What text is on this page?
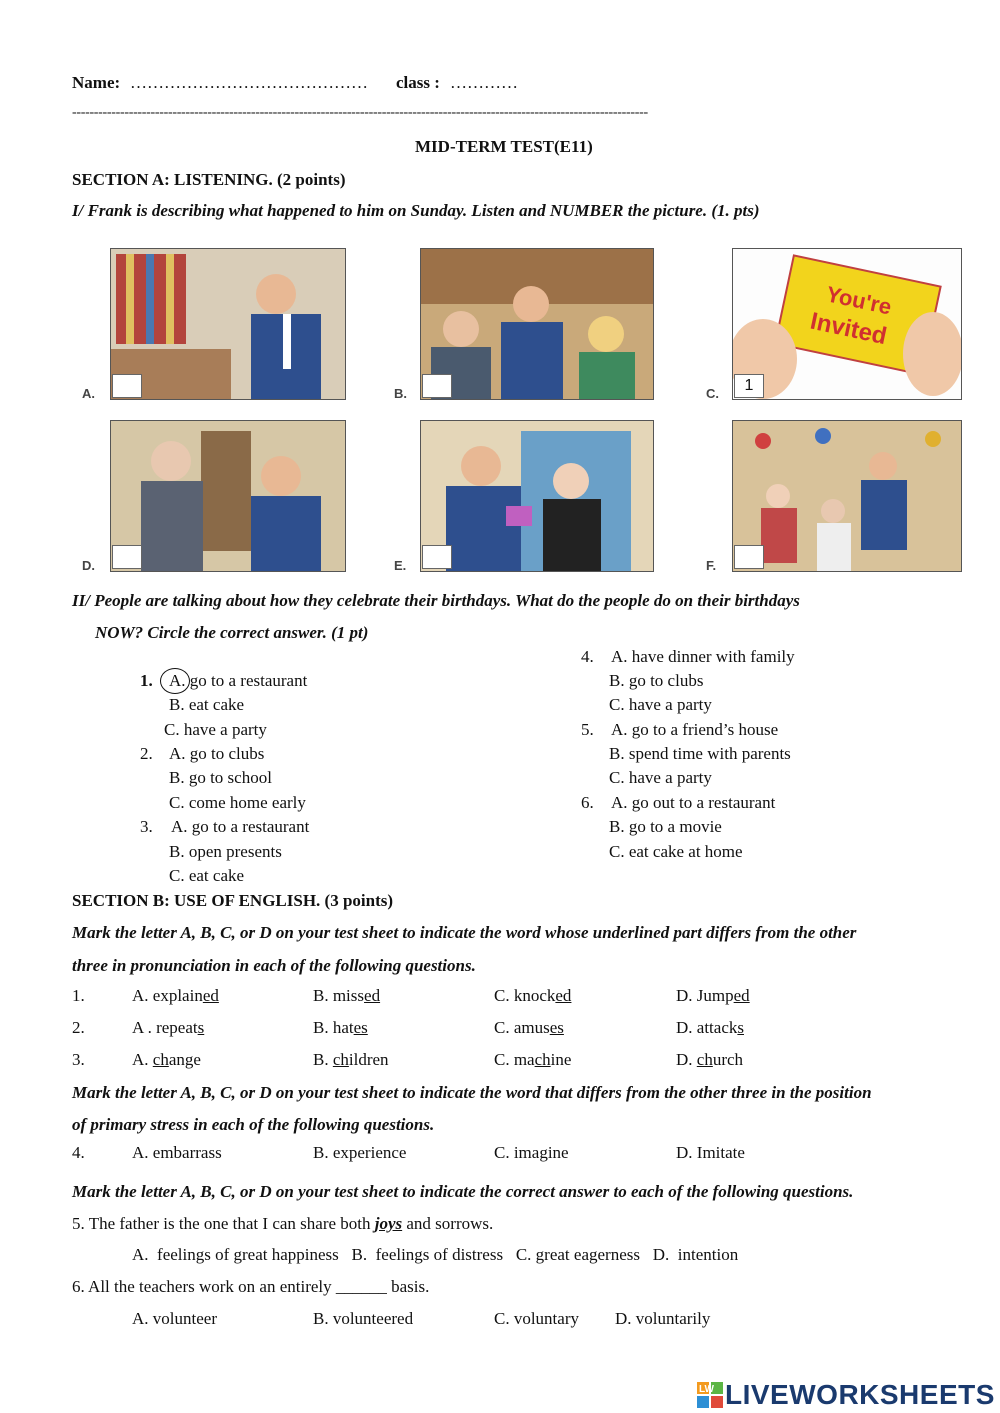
Name: …………………………………… class : …………
------------------------------------------------------------------------------------------------------------------------------------
MID-TERM TEST(E11)
SECTION A: LISTENING. (2 points)
I/ Frank is describing what happened to him on Sunday. Listen and NUMBER the picture. (1. pts)
A.	B.
You're
Invited
C.	1
D.	E.	F.
II/ People are talking about how they celebrate their birthdays. What do the people do on their birthdays
NOW? Circle the correct answer. (1 pt)
1. A. go to a restaurant
B. eat cake
C. have a party
2. A. go to clubs
B. go to school
C. come home early
3. A. go to a restaurant
B. open presents
C. eat cake
4. A. have dinner with family
B. go to clubs
C. have a party
5. A. go to a friend’s house
B. spend time with parents
C. have a party
6. A. go out to a restaurant
B. go to a movie
C. eat cake at home
SECTION B: USE OF ENGLISH. (3 points)
Mark the letter A, B, C, or D on your test sheet to indicate the word whose underlined part differs from the other
three in pronunciation in each of the following questions.
1.	A. explained	B. missed	C. knocked	D. Jumped
2.	A . repeats	B. hates	C. amuses	D. attacks
3.	A. change	B. children	C. machine	D. church
Mark the letter A, B, C, or D on your test sheet to indicate the word that differs from the other three in the position
of primary stress in each of the following questions.
4.	A. embarrass	B. experience	C. imagine	D. Imitate
Mark the letter A, B, C, or D on your test sheet to indicate the correct answer to each of the following questions.
5. The father is the one that I can share both joys and sorrows.
A.  feelings of great happiness   B.  feelings of distress   C. great eagerness   D.  intention
6. All the teachers work on an entirely ______ basis.
A. volunteer	B. volunteered	C. voluntary D. voluntarily
LW LIVEWORKSHEETS
